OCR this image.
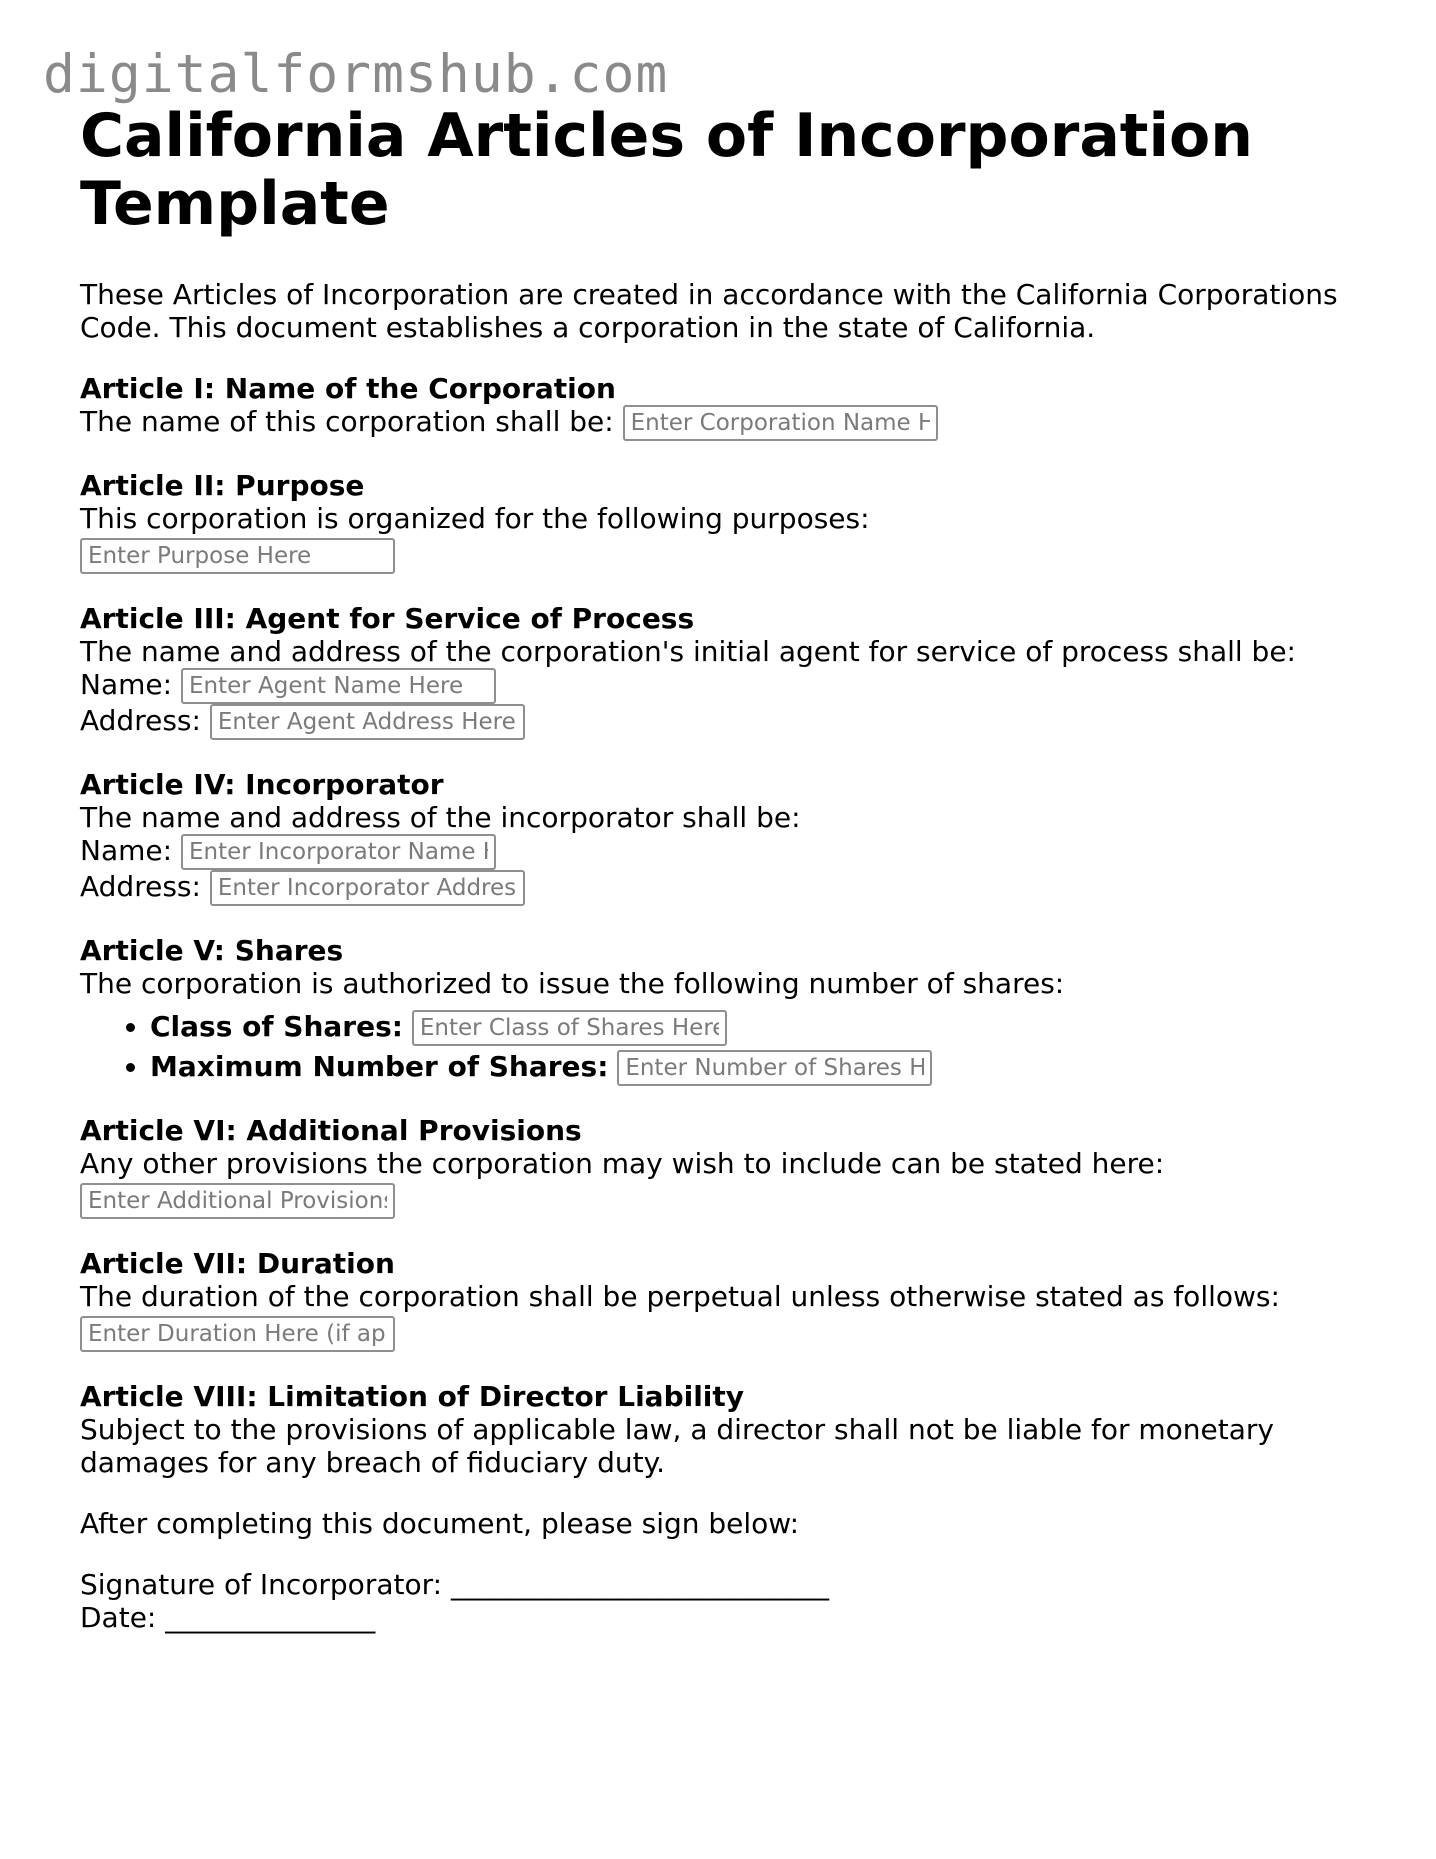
digitalformshub.com
California Articles of Incorporation Template

These Articles of Incorporation are created in accordance with the California Corporations Code. This document establishes a corporation in the state of California.

Article I: Name of the Corporation
The name of this corporation shall be: Enter Corporation Name Here
Article II: Purpose
This corporation is organized for the following purposes:
Enter Purpose Here
Article III: Agent for Service of Process
The name and address of the corporation's initial agent for service of process shall be:
Name: Enter Agent Name Here
Address: Enter Agent Address Here
Article IV: Incorporator
The name and address of the incorporator shall be:
Name: Enter Incorporator Name Here
Address: Enter Incorporator Address Here
Article V: Shares
The corporation is authorized to issue the following number of shares:
• Class of Shares: Enter Class of Shares Here
• Maximum Number of Shares: Enter Number of Shares Here
Article VI: Additional Provisions
Any other provisions the corporation may wish to include can be stated here:
Enter Additional Provisions Here
Article VII: Duration
The duration of the corporation shall be perpetual unless otherwise stated as follows:
Enter Duration Here (if applicable)
Article VIII: Limitation of Director Liability
Subject to the provisions of applicable law, a director shall not be liable for monetary damages for any breach of fiduciary duty.
After completing this document, please sign below:
Signature of Incorporator: ___________________________
Date: _______________
